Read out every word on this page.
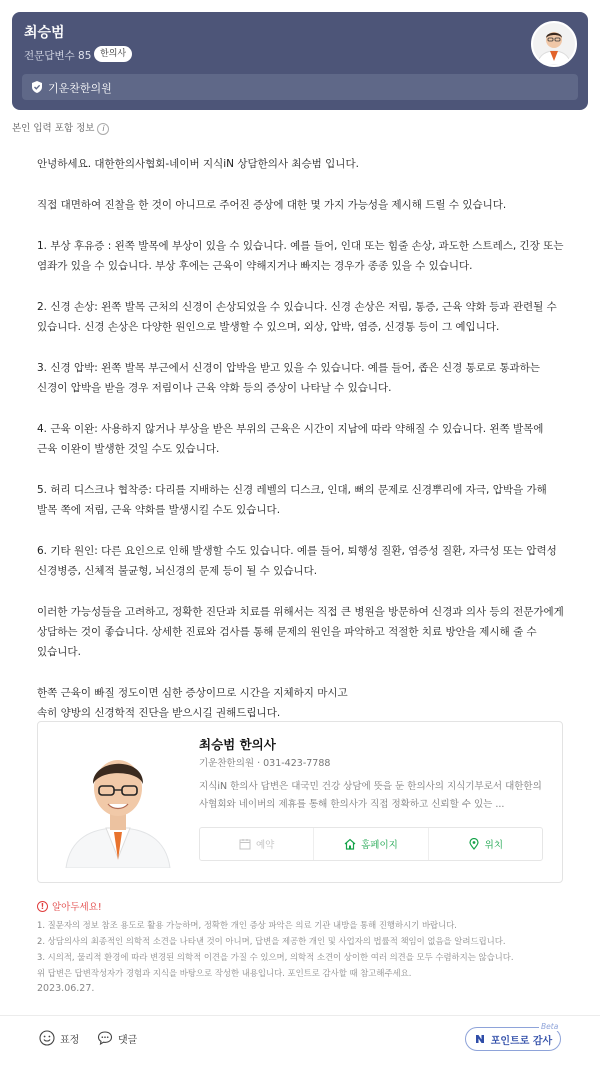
최승범
전문답변수 85 한의사
기운찬한의원
본인 입력 포함 정보 i

안녕하세요. 대한한의사협회-네이버 지식iN 상담한의사 최승범 입니다.

직접 대면하여 진찰을 한 것이 아니므로 주어진 증상에 대한 몇 가지 가능성을 제시해 드릴 수 있습니다.

1. 부상 후유증 : 왼쪽 발목에 부상이 있을 수 있습니다. 예를 들어, 인대 또는 힘줄 손상, 과도한 스트레스, 긴장 또는 염좌가 있을 수 있습니다. 부상 후에는 근육이 약해지거나 빠지는 경우가 종종 있을 수 있습니다.

2. 신경 손상: 왼쪽 발목 근처의 신경이 손상되었을 수 있습니다. 신경 손상은 저림, 통증, 근육 약화 등과 관련될 수 있습니다. 신경 손상은 다양한 원인으로 발생할 수 있으며, 외상, 압박, 염증, 신경통 등이 그 예입니다.

3. 신경 압박: 왼쪽 발목 부근에서 신경이 압박을 받고 있을 수 있습니다. 예를 들어, 좁은 신경 통로로 통과하는 신경이 압박을 받을 경우 저림이나 근육 약화 등의 증상이 나타날 수 있습니다.

4. 근육 이완: 사용하지 않거나 부상을 받은 부위의 근육은 시간이 지남에 따라 약해질 수 있습니다. 왼쪽 발목에 근육 이완이 발생한 것일 수도 있습니다.

5. 허리 디스크나 협착증: 다리를 지배하는 신경 레벨의 디스크, 인대, 뼈의 문제로 신경뿌리에 자극, 압박을 가해 발목 쪽에 저림, 근육 약화를 발생시킬 수도 있습니다.

6. 기타 원인: 다른 요인으로 인해 발생할 수도 있습니다. 예를 들어, 퇴행성 질환, 염증성 질환, 자극성 또는 압력성 신경병증, 신체적 불균형, 뇌신경의 문제 등이 될 수 있습니다.

이러한 가능성들을 고려하고, 정확한 진단과 치료를 위해서는 직접 큰 병원을 방문하여 신경과 의사 등의 전문가에게 상담하는 것이 좋습니다. 상세한 진료와 검사를 통해 문제의 원인을 파악하고 적절한 치료 방안을 제시해 줄 수 있습니다.

한쪽 근육이 빠질 정도이면 심한 증상이므로 시간을 지체하지 마시고

속히 양방의 신경학적 진단을 받으시길 권해드립니다.

최승범 한의사
기운찬한의원 · 031-423-7788
지식iN 한의사 답변은 대국민 건강 상담에 뜻을 둔 한의사의 지식기부로서 대한한의사협회와 네이버의 제휴를 통해 한의사가 직접 정확하고 신뢰할 수 있는 ...
예약	홈페이지	위치
! 알아두세요!
1. 질문자의 정보 참조 용도로 활용 가능하며, 정확한 개인 증상 파악은 의료 기관 내방을 통해 진행하시기 바랍니다.
2. 상담의사의 최종적인 의학적 소견을 나타낸 것이 아니며, 답변을 제공한 개인 및 사업자의 법률적 책임이 없음을 알려드립니다.
3. 시의적, 물리적 환경에 따라 변경된 의학적 이견을 가질 수 있으며, 의학적 소견이 상이한 여러 의견을 모두 수렴하지는 않습니다.
위 답변은 답변작성자가 경험과 지식을 바탕으로 작성한 내용입니다. 포인트로 감사할 때 참고해주세요.
2023.06.27.
표정	댓글	포인트로 감사
Beta
